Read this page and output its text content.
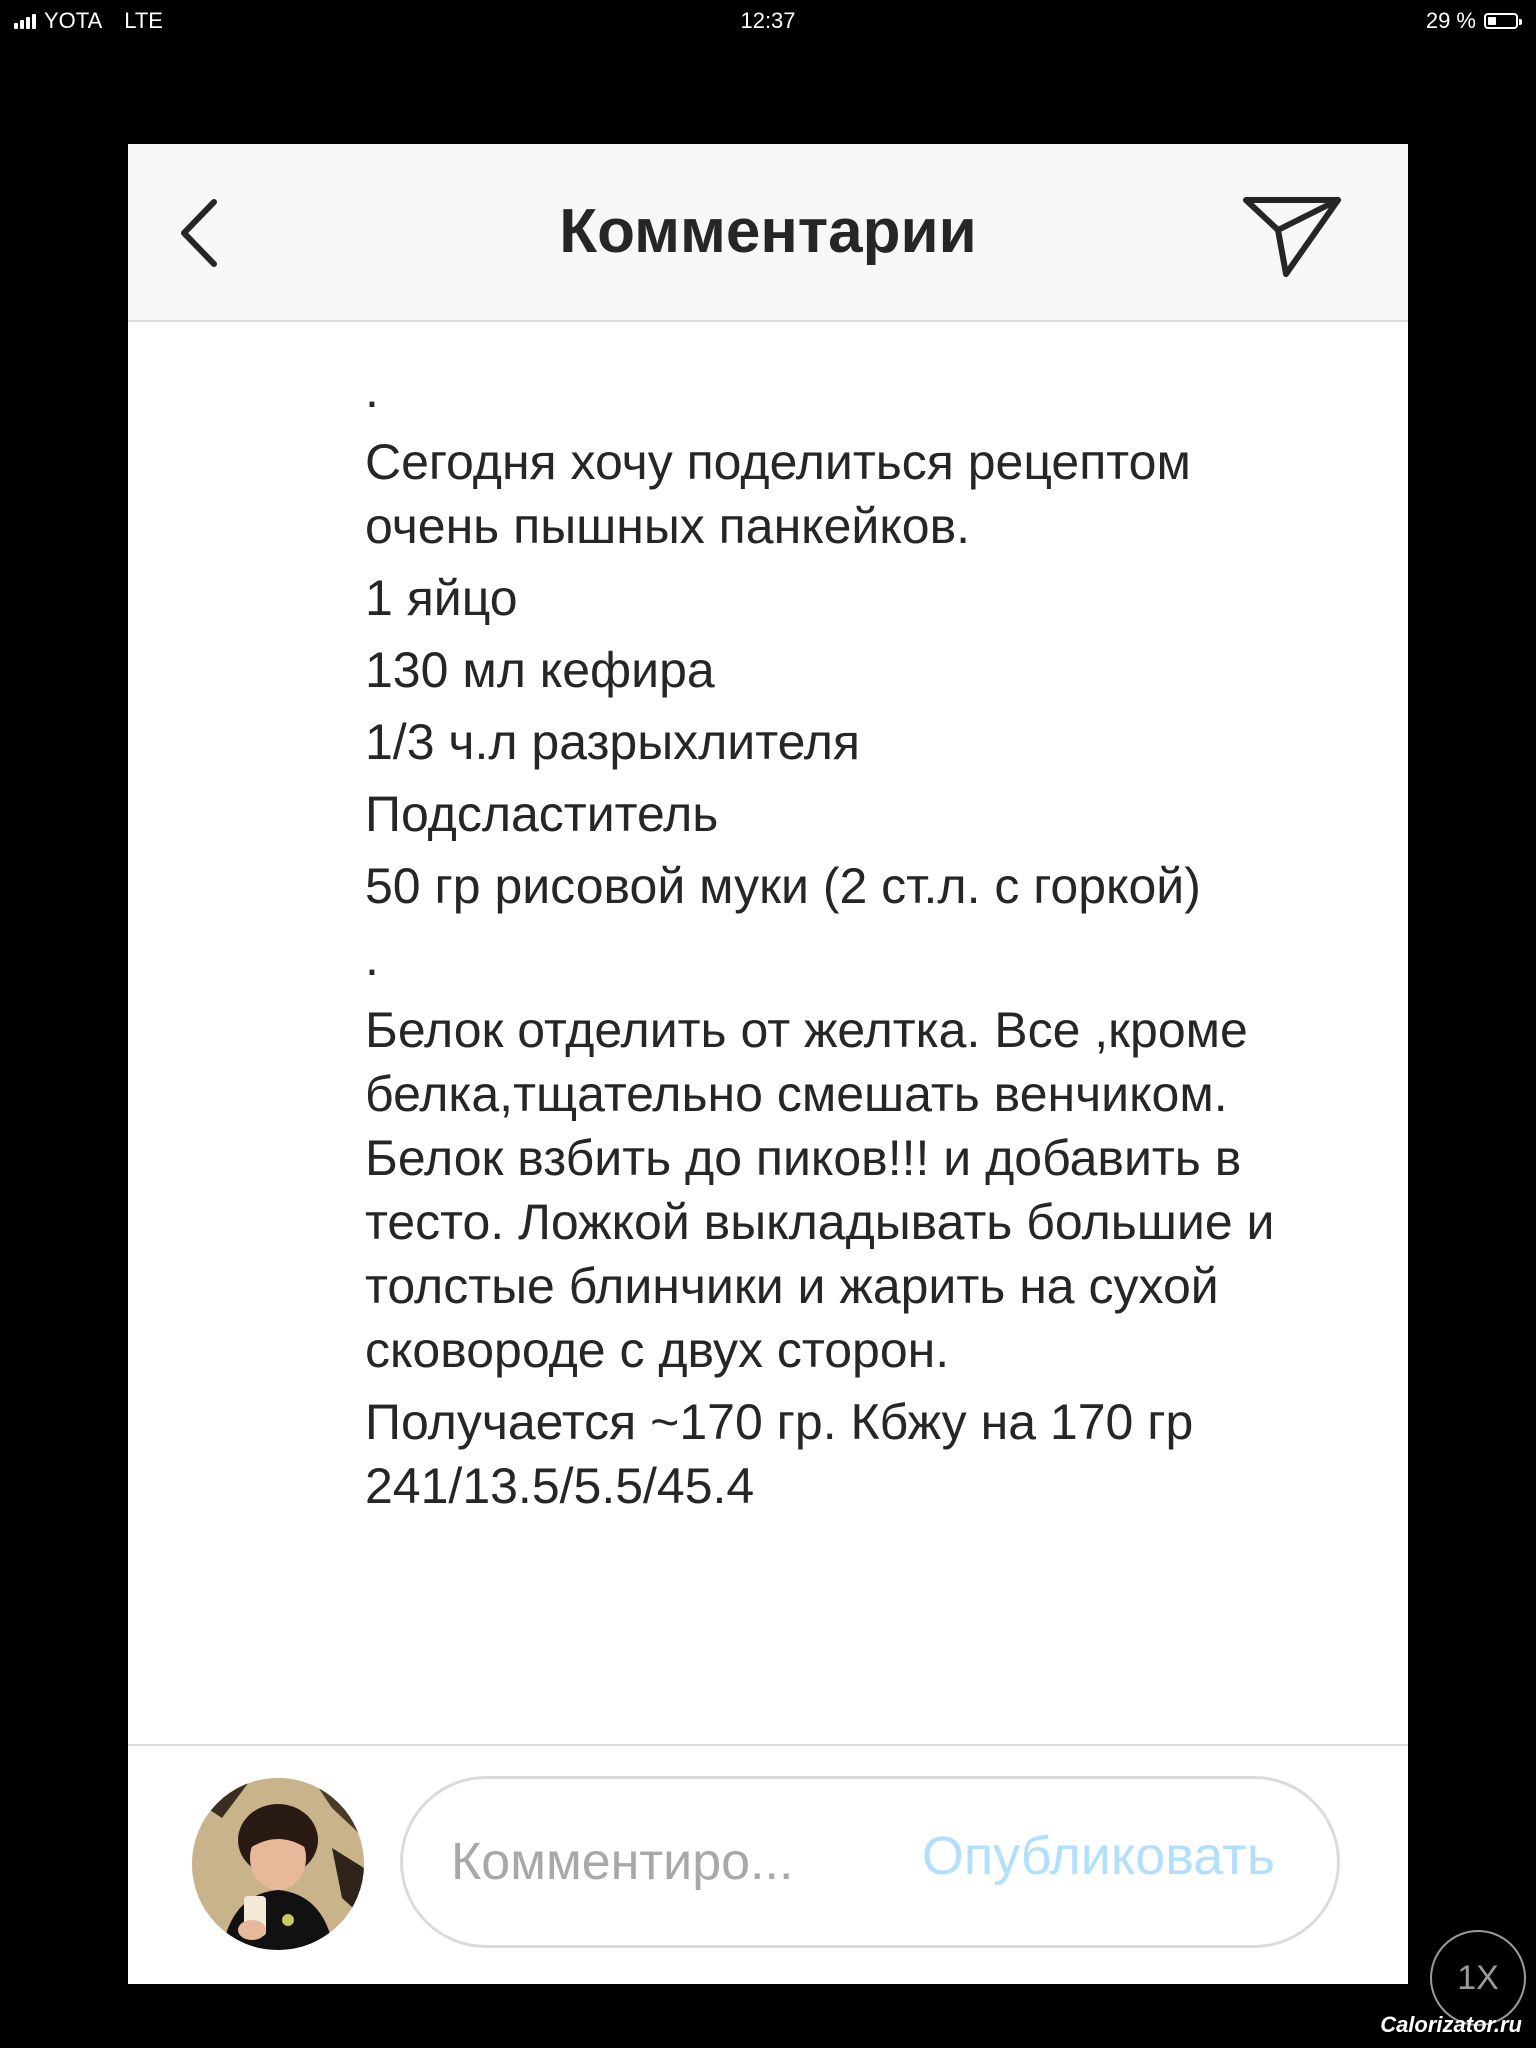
YOTA LTE	12:37	29 %
Комментарии

.

Сегодня хочу поделиться рецептом очень пышных панкейков.

1 яйцо

130 мл кефира

1/3 ч.л разрыхлителя

Подсластитель

50 гр рисовой муки (2 ст.л. с горкой)

.

Белок отделить от желтка. Все ,кроме белка,тщательно смешать венчиком. Белок взбить до пиков!!! и добавить в тесто. Ложкой выкладывать большие и толстые блинчики и жарить на сухой сковороде с двух сторон.

Получается ~170 гр. Кбжу на 170 гр 241/13.5/5.5/45.4

Комментиро...
Опубликовать
1X
Calorizator.ru
